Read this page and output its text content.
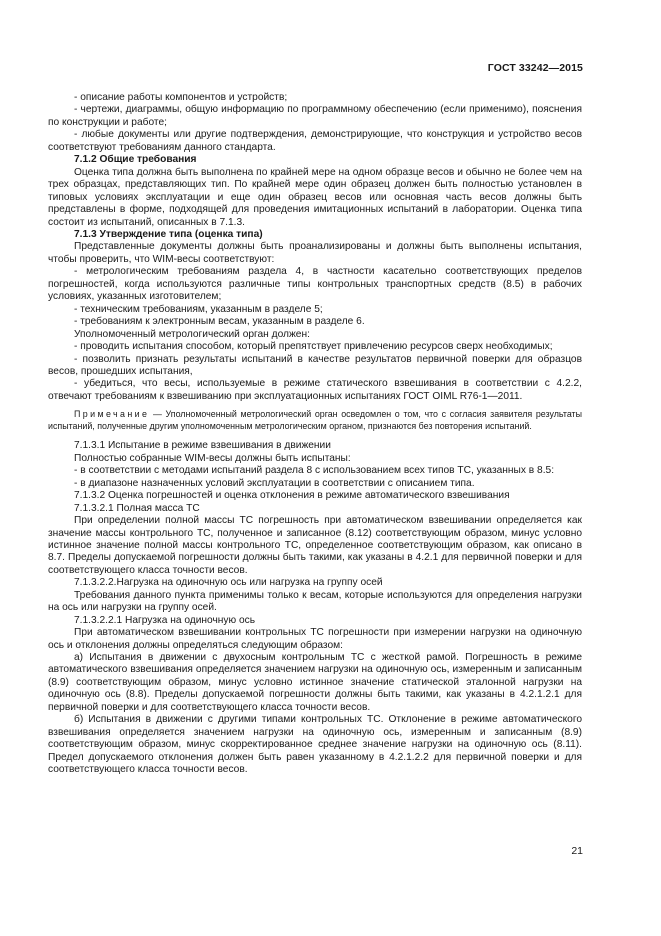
ГОСТ 33242—2015

- описание работы компонентов и устройств;

- чертежи, диаграммы, общую информацию по программному обеспечению (если применимо), пояснения по конструкции и работе;

- любые документы или другие подтверждения, демонстрирующие, что конструкция и устройство весов соответствуют требованиям данного стандарта.

7.1.2 Общие требования

Оценка типа должна быть выполнена по крайней мере на одном образце весов и обычно не более чем на трех образцах, представляющих тип. По крайней мере один образец должен быть полностью установлен в типовых условиях эксплуатации и еще один образец весов или основная часть весов должны быть представлены в форме, подходящей для проведения имитационных испытаний в лаборатории. Оценка типа состоит из испытаний, описанных в 7.1.3.

7.1.3 Утверждение типа (оценка типа)

Представленные документы должны быть проанализированы и должны быть выполнены испытания, чтобы проверить, что WIM-весы соответствуют:

- метрологическим требованиям раздела 4, в частности касательно соответствующих пределов погрешностей, когда используются различные типы контрольных транспортных средств (8.5) в рабочих условиях, указанных изготовителем;

- техническим требованиям, указанным в разделе 5;

- требованиям к электронным весам, указанным в разделе 6.

Уполномоченный метрологический орган должен:

- проводить испытания способом, который препятствует привлечению ресурсов сверх необходимых;

- позволить признать результаты испытаний в качестве результатов первичной поверки для образцов весов, прошедших испытания,

- убедиться, что весы, используемые в режиме статического взвешивания в соответствии с 4.2.2, отвечают требованиям к взвешиванию при эксплуатационных испытаниях ГОСТ OIML R76-1—2011.

Примечание — Уполномоченный метрологический орган осведомлен о том, что с согласия заявителя результаты испытаний, полученные другим уполномоченным метрологическим органом, признаются без повторения испытаний.

7.1.3.1 Испытание в режиме взвешивания в движении

Полностью собранные WIM-весы должны быть испытаны:

- в соответствии с методами испытаний раздела 8 с использованием всех типов ТС, указанных в 8.5:

- в диапазоне назначенных условий эксплуатации в соответствии с описанием типа.

7.1.3.2 Оценка погрешностей и оценка отклонения в режиме автоматического взвешивания

7.1.3.2.1 Полная масса ТС

При определении полной массы ТС погрешность при автоматическом взвешивании определяется как значение массы контрольного ТС, полученное и записанное (8.12) соответствующим образом, минус условно истинное значение полной массы контрольного ТС, определенное соответствующим образом, как описано в 8.7. Пределы допускаемой погрешности должны быть такими, как указаны в 4.2.1 для первичной поверки и для соответствующего класса точности весов.

7.1.3.2.2.Нагрузка на одиночную ось или нагрузка на группу осей

Требования данного пункта применимы только к весам, которые используются для определения нагрузки на ось или нагрузки на группу осей.

7.1.3.2.2.1 Нагрузка на одиночную ось

При автоматическом взвешивании контрольных ТС погрешности при измерении нагрузки на одиночную ось и отклонения должны определяться следующим образом:

а) Испытания в движении с двухосным контрольным ТС с жесткой рамой. Погрешность в режиме автоматического взвешивания определяется значением нагрузки на одиночную ось, измеренным и записанным (8.9) соответствующим образом, минус условно истинное значение статической эталонной нагрузки на одиночную ось (8.8). Пределы допускаемой погрешности должны быть такими, как указаны в 4.2.1.2.1 для первичной поверки и для соответствующего класса точности весов.

б) Испытания в движении с другими типами контрольных ТС. Отклонение в режиме автоматического взвешивания определяется значением нагрузки на одиночную ось, измеренным и записанным (8.9) соответствующим образом, минус скорректированное среднее значение нагрузки на одиночную ось (8.11). Предел допускаемого отклонения должен быть равен указанному в 4.2.1.2.2 для первичной поверки и для соответствующего класса точности весов.

21
